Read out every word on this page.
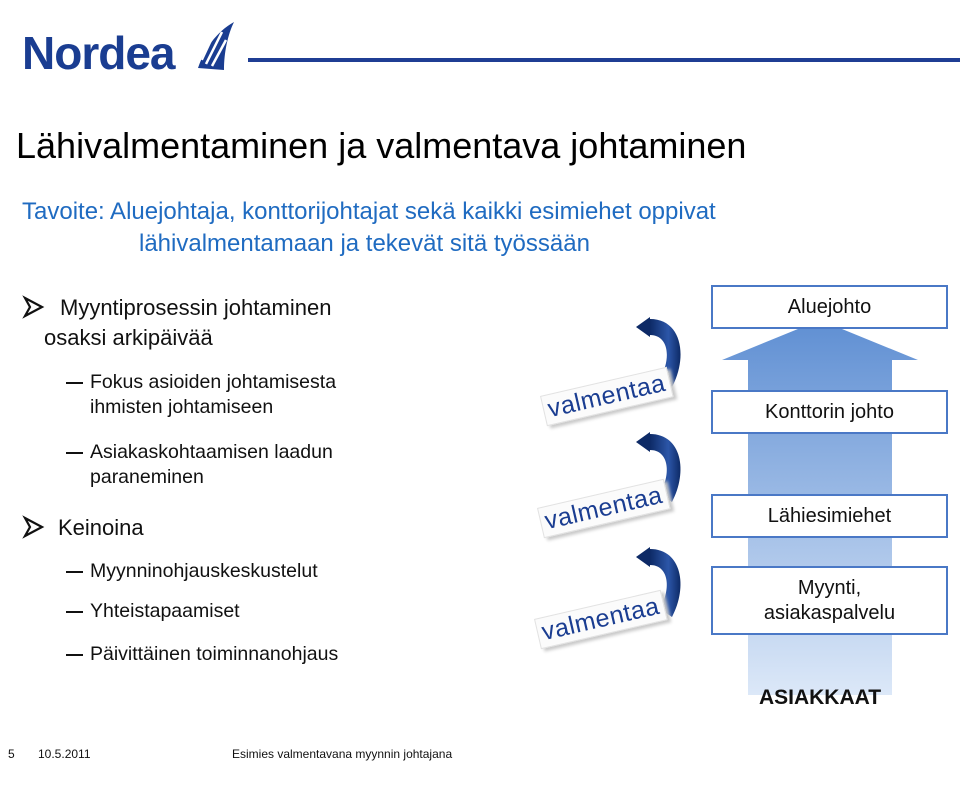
Nordea
Lähivalmentaminen ja valmentava johtaminen
Tavoite: Aluejohtaja, konttorijohtajat sekä kaikki esimiehet oppivat
lähivalmentamaan ja tekevät sitä työssään
Myyntiprosessin johtaminen
osaksi arkipäivää
Fokus asioiden johtamisesta
ihmisten johtamiseen
Asiakaskohtaamisen laadun
paraneminen
Keinoina
Myynninohjauskeskustelut
Yhteistapaamiset
Päivittäinen toiminnanohjaus
valmentaa
valmentaa
valmentaa
Aluejohto
Konttorin johto
Lähiesimiehet
Myynti,
asiakaspalvelu
ASIAKKAAT
5 10.5.2011	Esimies valmentavana myynnin johtajana
